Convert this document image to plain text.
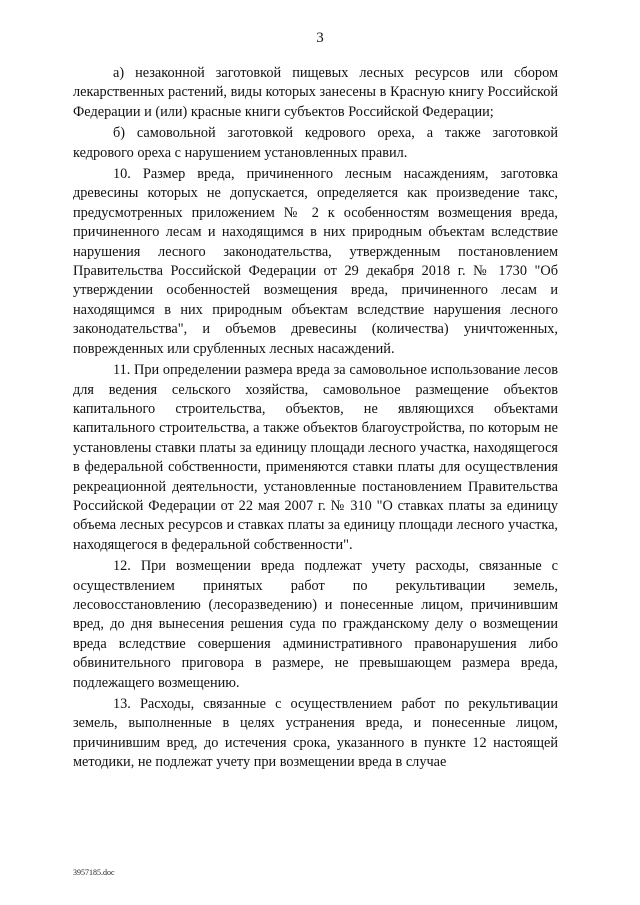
3

а) незаконной заготовкой пищевых лесных ресурсов или сбором лекарственных растений, виды которых занесены в Красную книгу Российской Федерации и (или) красные книги субъектов Российской Федерации;

б) самовольной заготовкой кедрового ореха, а также заготовкой кедрового ореха с нарушением установленных правил.

10. Размер вреда, причиненного лесным насаждениям, заготовка древесины которых не допускается, определяется как произведение такс, предусмотренных приложением № 2 к особенностям возмещения вреда, причиненного лесам и находящимся в них природным объектам вследствие нарушения лесного законодательства, утвержденным постановлением Правительства Российской Федерации от 29 декабря 2018 г. № 1730 "Об утверждении особенностей возмещения вреда, причиненного лесам и находящимся в них природным объектам вследствие нарушения лесного законодательства", и объемов древесины (количества) уничтоженных, поврежденных или срубленных лесных насаждений.

11. При определении размера вреда за самовольное использование лесов для ведения сельского хозяйства, самовольное размещение объектов капитального строительства, объектов, не являющихся объектами капитального строительства, а также объектов благоустройства, по которым не установлены ставки платы за единицу площади лесного участка, находящегося в федеральной собственности, применяются ставки платы для осуществления рекреационной деятельности, установленные постановлением Правительства Российской Федерации от 22 мая 2007 г. № 310 "О ставках платы за единицу объема лесных ресурсов и ставках платы за единицу площади лесного участка, находящегося в федеральной собственности".

12. При возмещении вреда подлежат учету расходы, связанные с осуществлением принятых работ по рекультивации земель, лесовосстановлению (лесоразведению) и понесенные лицом, причинившим вред, до дня вынесения решения суда по гражданскому делу о возмещении вреда вследствие совершения административного правонарушения либо обвинительного приговора в размере, не превышающем размера вреда, подлежащего возмещению.

13. Расходы, связанные с осуществлением работ по рекультивации земель, выполненные в целях устранения вреда, и понесенные лицом, причинившим вред, до истечения срока, указанного в пункте 12 настоящей методики, не подлежат учету при возмещении вреда в случае

3957185.doc
